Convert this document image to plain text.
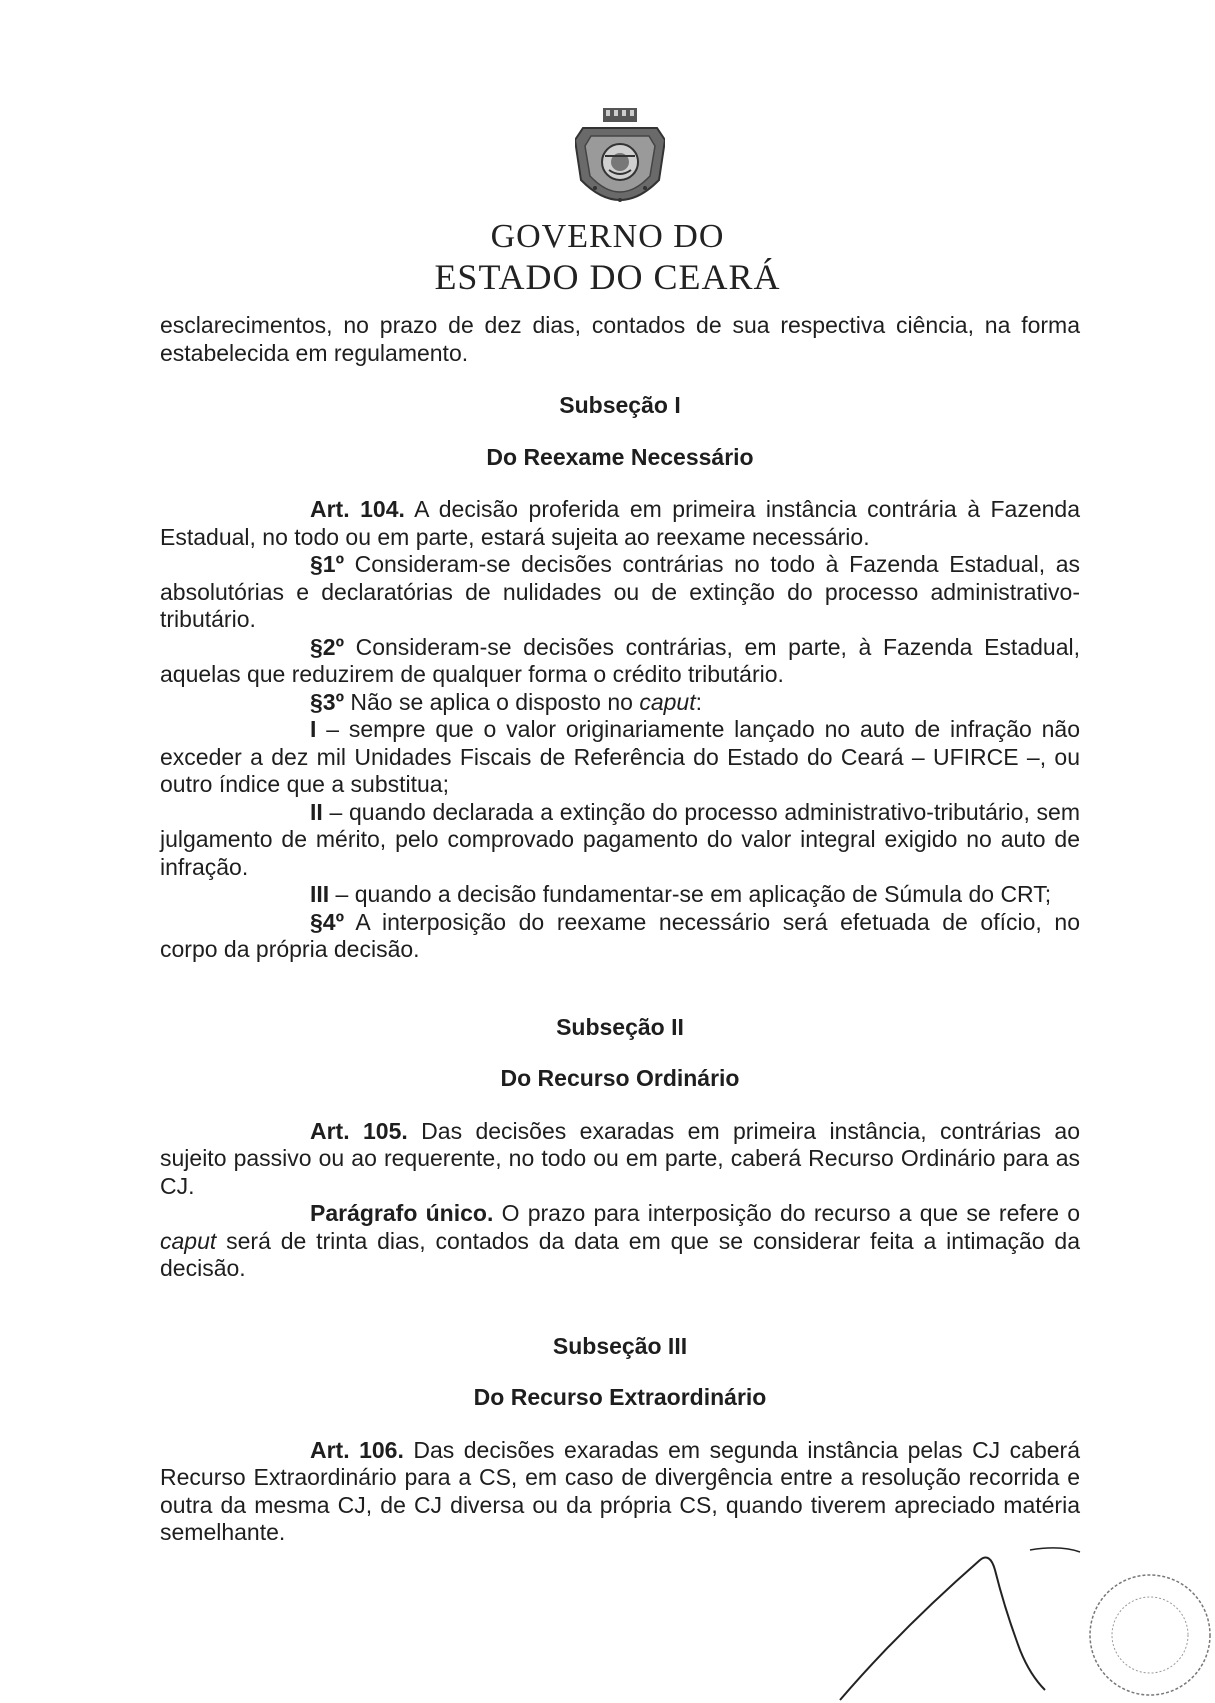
GOVERNO DO
ESTADO DO CEARÁ

esclarecimentos, no prazo de dez dias, contados de sua respectiva ciência, na forma estabelecida em regulamento.

Subseção I

Do Reexame Necessário

Art. 104. A decisão proferida em primeira instância contrária à Fazenda Estadual, no todo ou em parte, estará sujeita ao reexame necessário.

§1º Consideram-se decisões contrárias no todo à Fazenda Estadual, as absolutórias e declaratórias de nulidades ou de extinção do processo administrativo-tributário.

§2º Consideram-se decisões contrárias, em parte, à Fazenda Estadual, aquelas que reduzirem de qualquer forma o crédito tributário.

§3º Não se aplica o disposto no caput:

I – sempre que o valor originariamente lançado no auto de infração não exceder a dez mil Unidades Fiscais de Referência do Estado do Ceará – UFIRCE –, ou outro índice que a substitua;

II – quando declarada a extinção do processo administrativo-tributário, sem julgamento de mérito, pelo comprovado pagamento do valor integral exigido no auto de infração.

III – quando a decisão fundamentar-se em aplicação de Súmula do CRT;

§4º A interposição do reexame necessário será efetuada de ofício, no corpo da própria decisão.

Subseção II

Do Recurso Ordinário

Art. 105. Das decisões exaradas em primeira instância, contrárias ao sujeito passivo ou ao requerente, no todo ou em parte, caberá Recurso Ordinário para as CJ.

Parágrafo único. O prazo para interposição do recurso a que se refere o caput será de trinta dias, contados da data em que se considerar feita a intimação da decisão.

Subseção III

Do Recurso Extraordinário

Art. 106. Das decisões exaradas em segunda instância pelas CJ caberá Recurso Extraordinário para a CS, em caso de divergência entre a resolução recorrida e outra da mesma CJ, de CJ diversa ou da própria CS, quando tiverem apreciado matéria semelhante.
